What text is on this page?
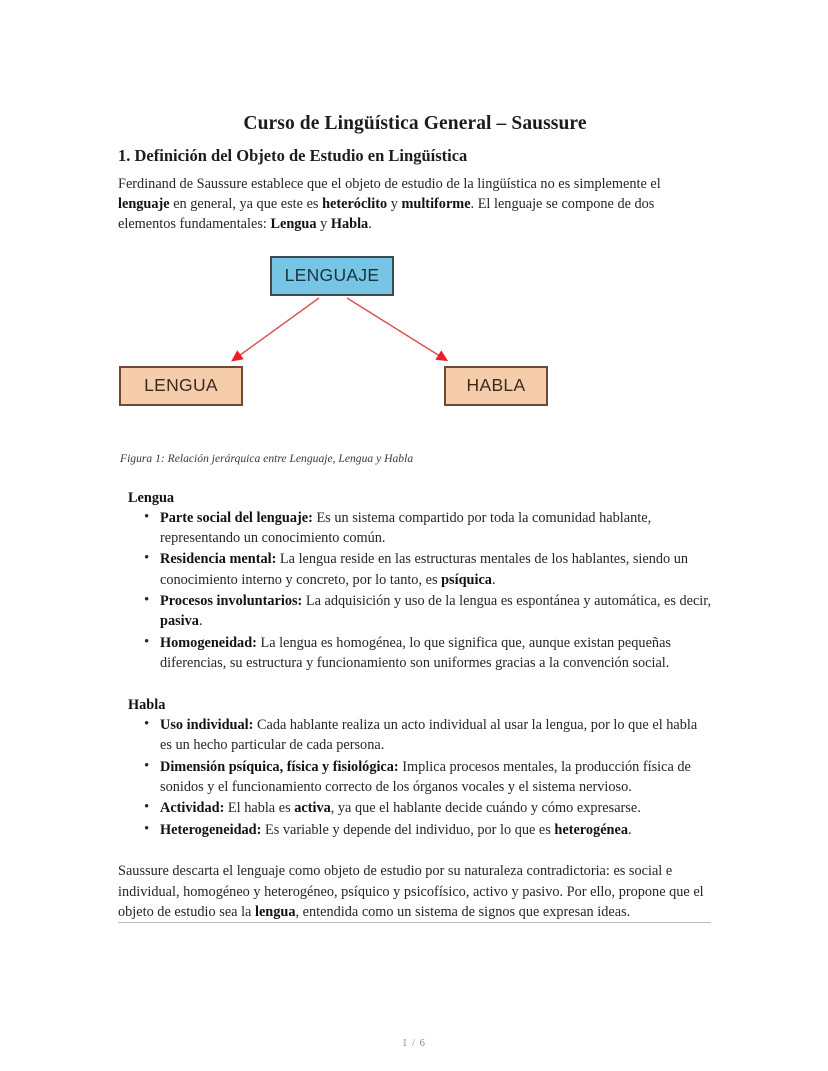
Curso de Lingüística General – Saussure
1. Definición del Objeto de Estudio en Lingüística

Ferdinand de Saussure establece que el objeto de estudio de la lingüística no es simplemente el lenguaje en general, ya que este es heteróclito y multiforme. El lenguaje se compone de dos elementos fundamentales: Lengua y Habla.

LENGUAJE
LENGUA	HABLA
Figura 1: Relación jerárquica entre Lenguaje, Lengua y Habla
Lengua
• Parte social del lenguaje: Es un sistema compartido por toda la comunidad hablante, representando un conocimiento común.
• Residencia mental: La lengua reside en las estructuras mentales de los hablantes, siendo un conocimiento interno y concreto, por lo tanto, es psíquica.
• Procesos involuntarios: La adquisición y uso de la lengua es espontánea y automática, es decir, pasiva.
• Homogeneidad: La lengua es homogénea, lo que significa que, aunque existan pequeñas diferencias, su estructura y funcionamiento son uniformes gracias a la convención social.
Habla
• Uso individual: Cada hablante realiza un acto individual al usar la lengua, por lo que el habla es un hecho particular de cada persona.
• Dimensión psíquica, física y fisiológica: Implica procesos mentales, la producción física de sonidos y el funcionamiento correcto de los órganos vocales y el sistema nervioso.
• Actividad: El habla es activa, ya que el hablante decide cuándo y cómo expresarse.
• Heterogeneidad: Es variable y depende del individuo, por lo que es heterogénea.

Saussure descarta el lenguaje como objeto de estudio por su naturaleza contradictoria: es social e individual, homogéneo y heterogéneo, psíquico y psicofísico, activo y pasivo. Por ello, propone que el objeto de estudio sea la lengua, entendida como un sistema de signos que expresan ideas.

1 / 6
